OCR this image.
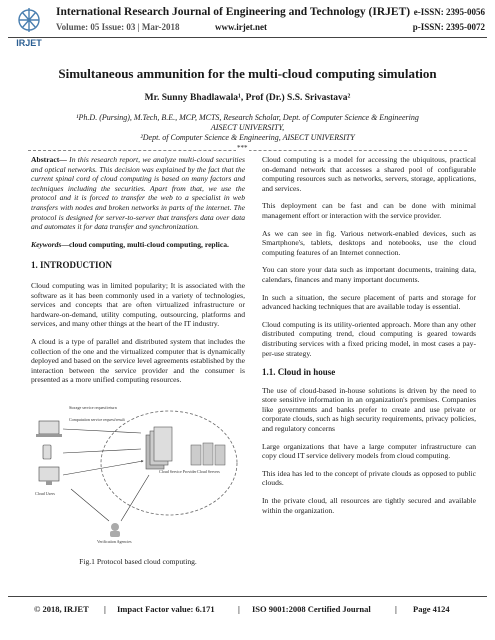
IRJET
International Research Journal of Engineering and Technology (IRJET)
Volume: 05 Issue: 03 | Mar-2018	www.irjet.net
e-ISSN: 2395-0056
p-ISSN: 2395-0072
Simultaneous ammunition for the multi-cloud computing simulation
Mr. Sunny Bhadlawala¹, Prof (Dr.) S.S. Srivastava²
¹Ph.D. (Pursing), M.Tech, B.E., MCP, MCTS, Research Scholar, Dept. of Computer Science & Engineering
AISECT UNIVERSITY,
²Dept. of Computer Science & Engineering, AISECT UNIVERSITY
***

Abstract— In this research report, we analyze multi-cloud securities and optical networks. This decision was explained by the fact that the current spinal cord of cloud computing is based on many factors and techniques including the securities. Apart from that, we use the protocol and it is forced to transfer the web to a specialist in web transfers with nodes and broken networks in parts of the internet. The protocol is designed for server-to-server that transfers data over data and automates it for data transfer and synchronization.

Keywords—cloud computing, multi-cloud computing, replica.

1. INTRODUCTION

Cloud computing was in limited popularity; It is associated with the software as it has been commonly used in a variety of technologies, services and concepts that are often virtualized infrastructure or hardware-on-demand, utility computing, outsourcing, platforms and services, and many other things at the heart of the IT industry.

A cloud is a type of parallel and distributed system that includes the collection of the one and the virtualized computer that is dynamically deployed and based on the service level agreements established by the interaction between the service provider and the consumer is presented as a more unified computing resources.

Storage service request/return
Computation service request/result
Cloud Users
Cloud Service Provider Cloud Servers
Verification Agencies
Fig.1 Protocol based cloud computing.

Cloud computing is a model for accessing the ubiquitous, practical on-demand network that accesses a shared pool of configurable computing resources such as networks, servers, storage, applications, and services.

This deployment can be fast and can be done with minimal management effort or interaction with the service provider.

As we can see in fig. Various network-enabled devices, such as Smartphone's, tablets, desktops and notebooks, use the cloud computing features of an Internet connection.

You can store your data such as important documents, training data, calendars, finances and many important documents.

In such a situation, the secure placement of parts and storage for advanced hacking techniques that are available today is essential.

Cloud computing is its utility-oriented approach. More than any other distributed computing trend, cloud computing is geared towards distributing services with a fixed pricing model, in most cases a pay-per-use strategy.

1.1. Cloud in house

The use of cloud-based in-house solutions is driven by the need to store sensitive information in an organization's premises. Companies like governments and banks prefer to create and use private or corporate clouds, such as high security requirements, privacy policies, and regulatory concerns

Large organizations that have a large computer infrastructure can copy cloud IT service delivery models from cloud computing.

This idea has led to the concept of private clouds as opposed to public clouds.

In the private cloud, all resources are tightly secured and available within the organization.

© 2018, IRJET | Impact Factor value: 6.171	| ISO 9001:2008 Certified Journal	| Page 4124
